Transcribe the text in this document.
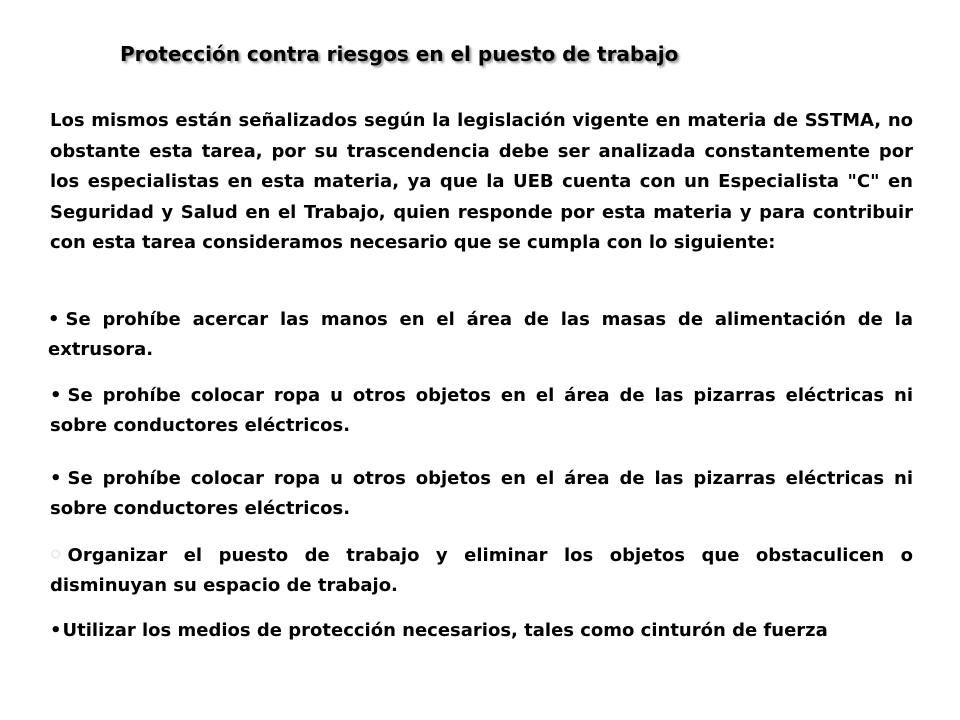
Protección contra riesgos en el puesto de trabajo

Los mismos están señalizados según la legislación vigente en materia de SSTMA, no obstante esta tarea, por su trascendencia debe ser analizada constantemente por los especialistas en esta materia, ya que la UEB cuenta con un Especialista "C" en Seguridad y Salud en el Trabajo, quien responde por esta materia y para contribuir con esta tarea consideramos necesario que se cumpla con lo siguiente:

• Se prohíbe acercar las manos en el área de las masas de alimentación de la extrusora.

• Se prohíbe colocar ropa u otros objetos en el área de las pizarras eléctricas ni sobre conductores eléctricos.

• Se prohíbe colocar ropa u otros objetos en el área de las pizarras eléctricas ni sobre conductores eléctricos.

• Organizar el puesto de trabajo y eliminar los objetos que obstaculicen o disminuyan su espacio de trabajo.

•Utilizar los medios de protección necesarios, tales como cinturón de fuerza
